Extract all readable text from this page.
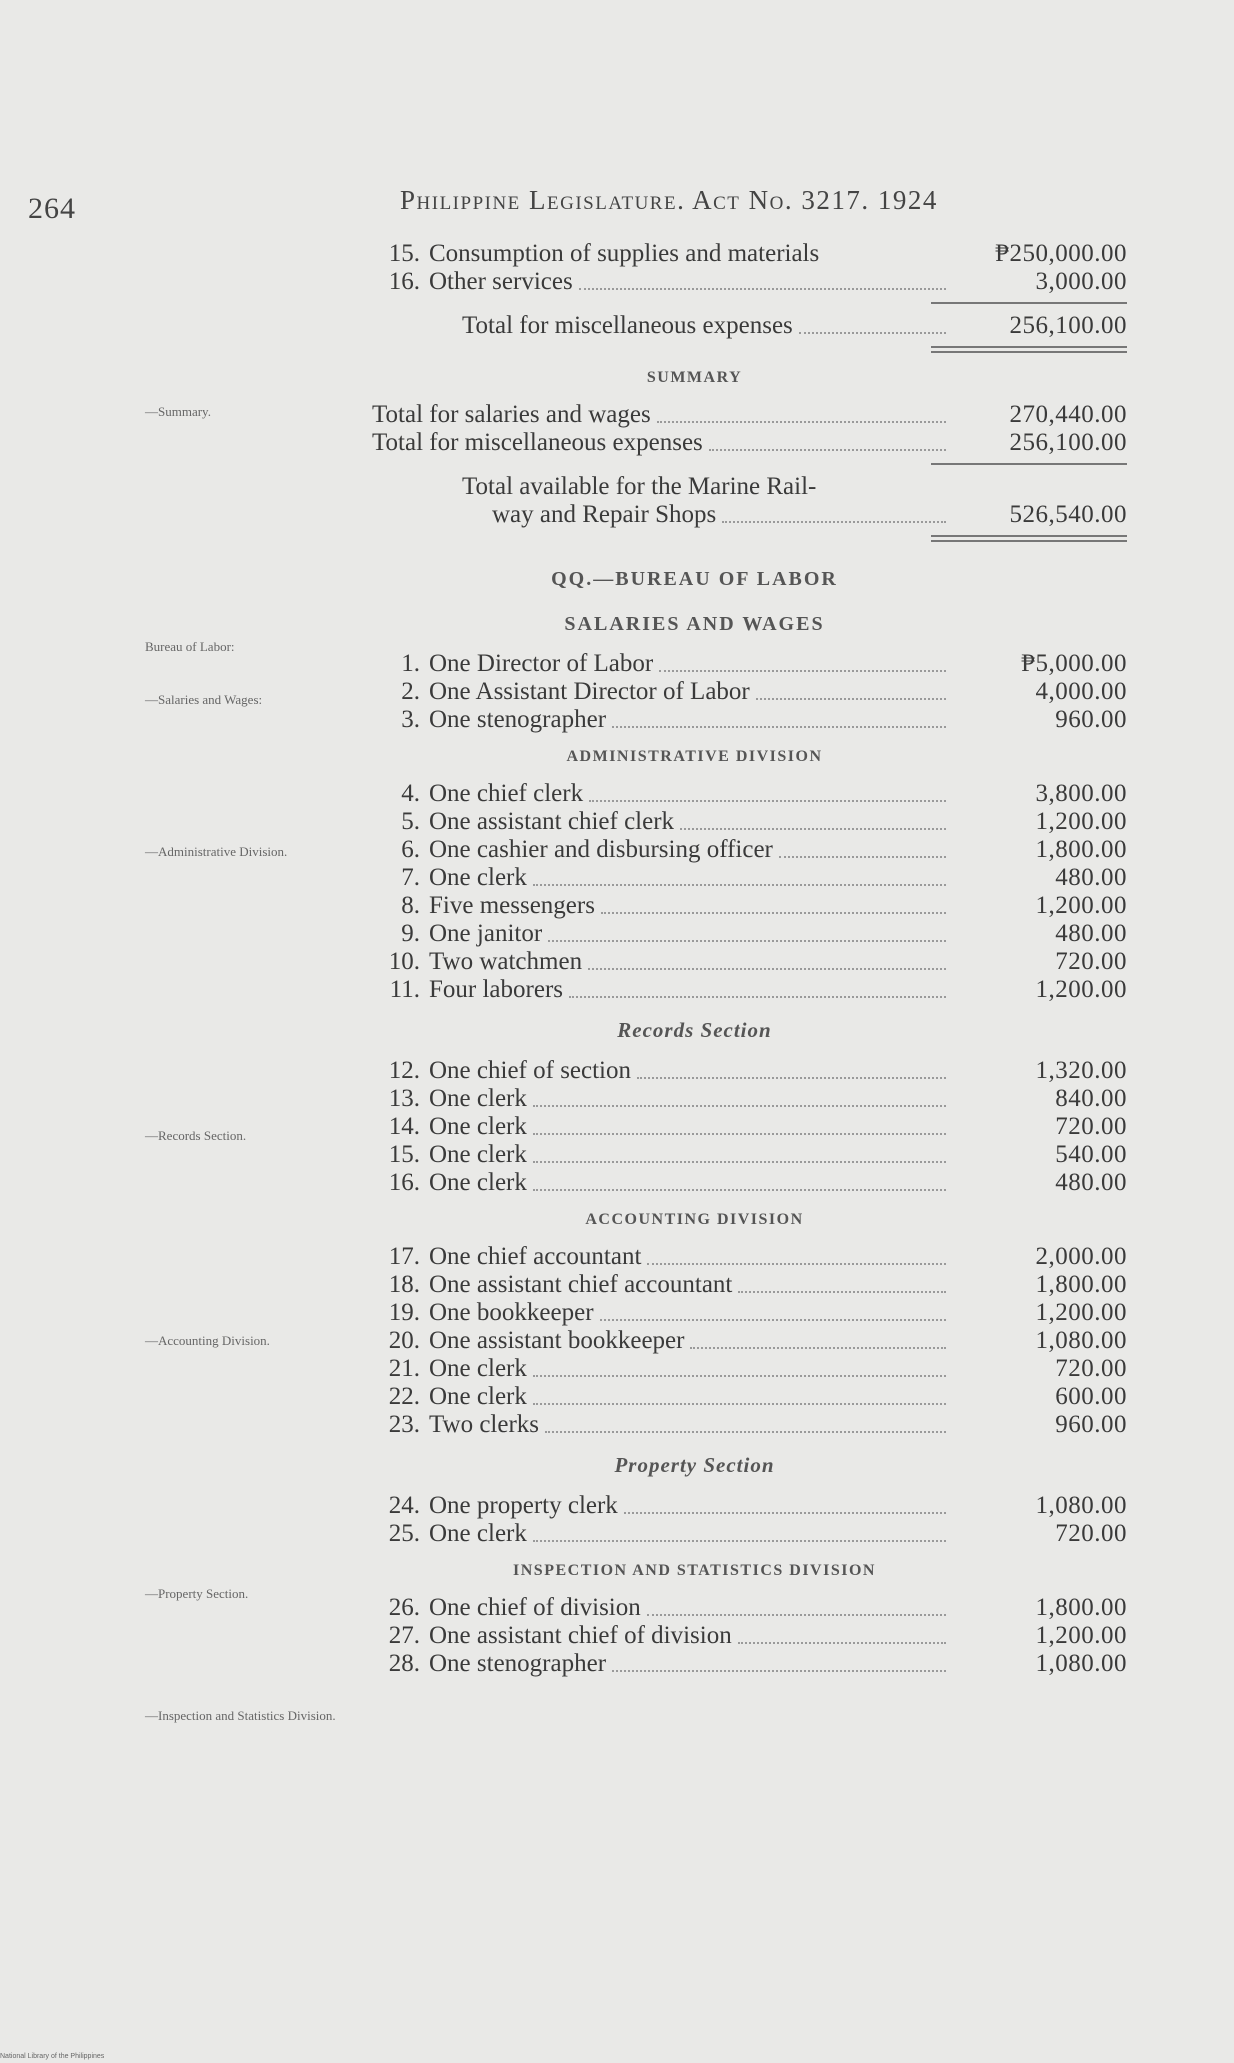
264	Philippine Legislature. Act No. 3217. 1924
—Summary.
Bureau of Labor:
—Salaries and Wages:
—Administrative Division.
—Records Section.
—Accounting Division.
—Property Section.
—Inspection and Statistics Division.
15. Consumption of supplies and materials	₱250,000.00
16. Other services	3,000.00
Total for miscellaneous expenses	256,100.00
SUMMARY
Total for salaries and wages	270,440.00
Total for miscellaneous expenses	256,100.00
Total available for the Marine Rail-
way and Repair Shops	526,540.00
QQ.—BUREAU OF LABOR
SALARIES AND WAGES
1. One Director of Labor	₱5,000.00
2. One Assistant Director of Labor	4,000.00
3. One stenographer	960.00
ADMINISTRATIVE DIVISION
4. One chief clerk	3,800.00
5. One assistant chief clerk	1,200.00
6. One cashier and disbursing officer	1,800.00
7. One clerk	480.00
8. Five messengers	1,200.00
9. One janitor	480.00
10. Two watchmen	720.00
11. Four laborers	1,200.00
Records Section
12. One chief of section	1,320.00
13. One clerk	840.00
14. One clerk	720.00
15. One clerk	540.00
16. One clerk	480.00
ACCOUNTING DIVISION
17. One chief accountant	2,000.00
18. One assistant chief accountant	1,800.00
19. One bookkeeper	1,200.00
20. One assistant bookkeeper	1,080.00
21. One clerk	720.00
22. One clerk	600.00
23. Two clerks	960.00
Property Section
24. One property clerk	1,080.00
25. One clerk	720.00
INSPECTION AND STATISTICS DIVISION
26. One chief of division	1,800.00
27. One assistant chief of division	1,200.00
28. One stenographer	1,080.00
National Library of the Philippines
